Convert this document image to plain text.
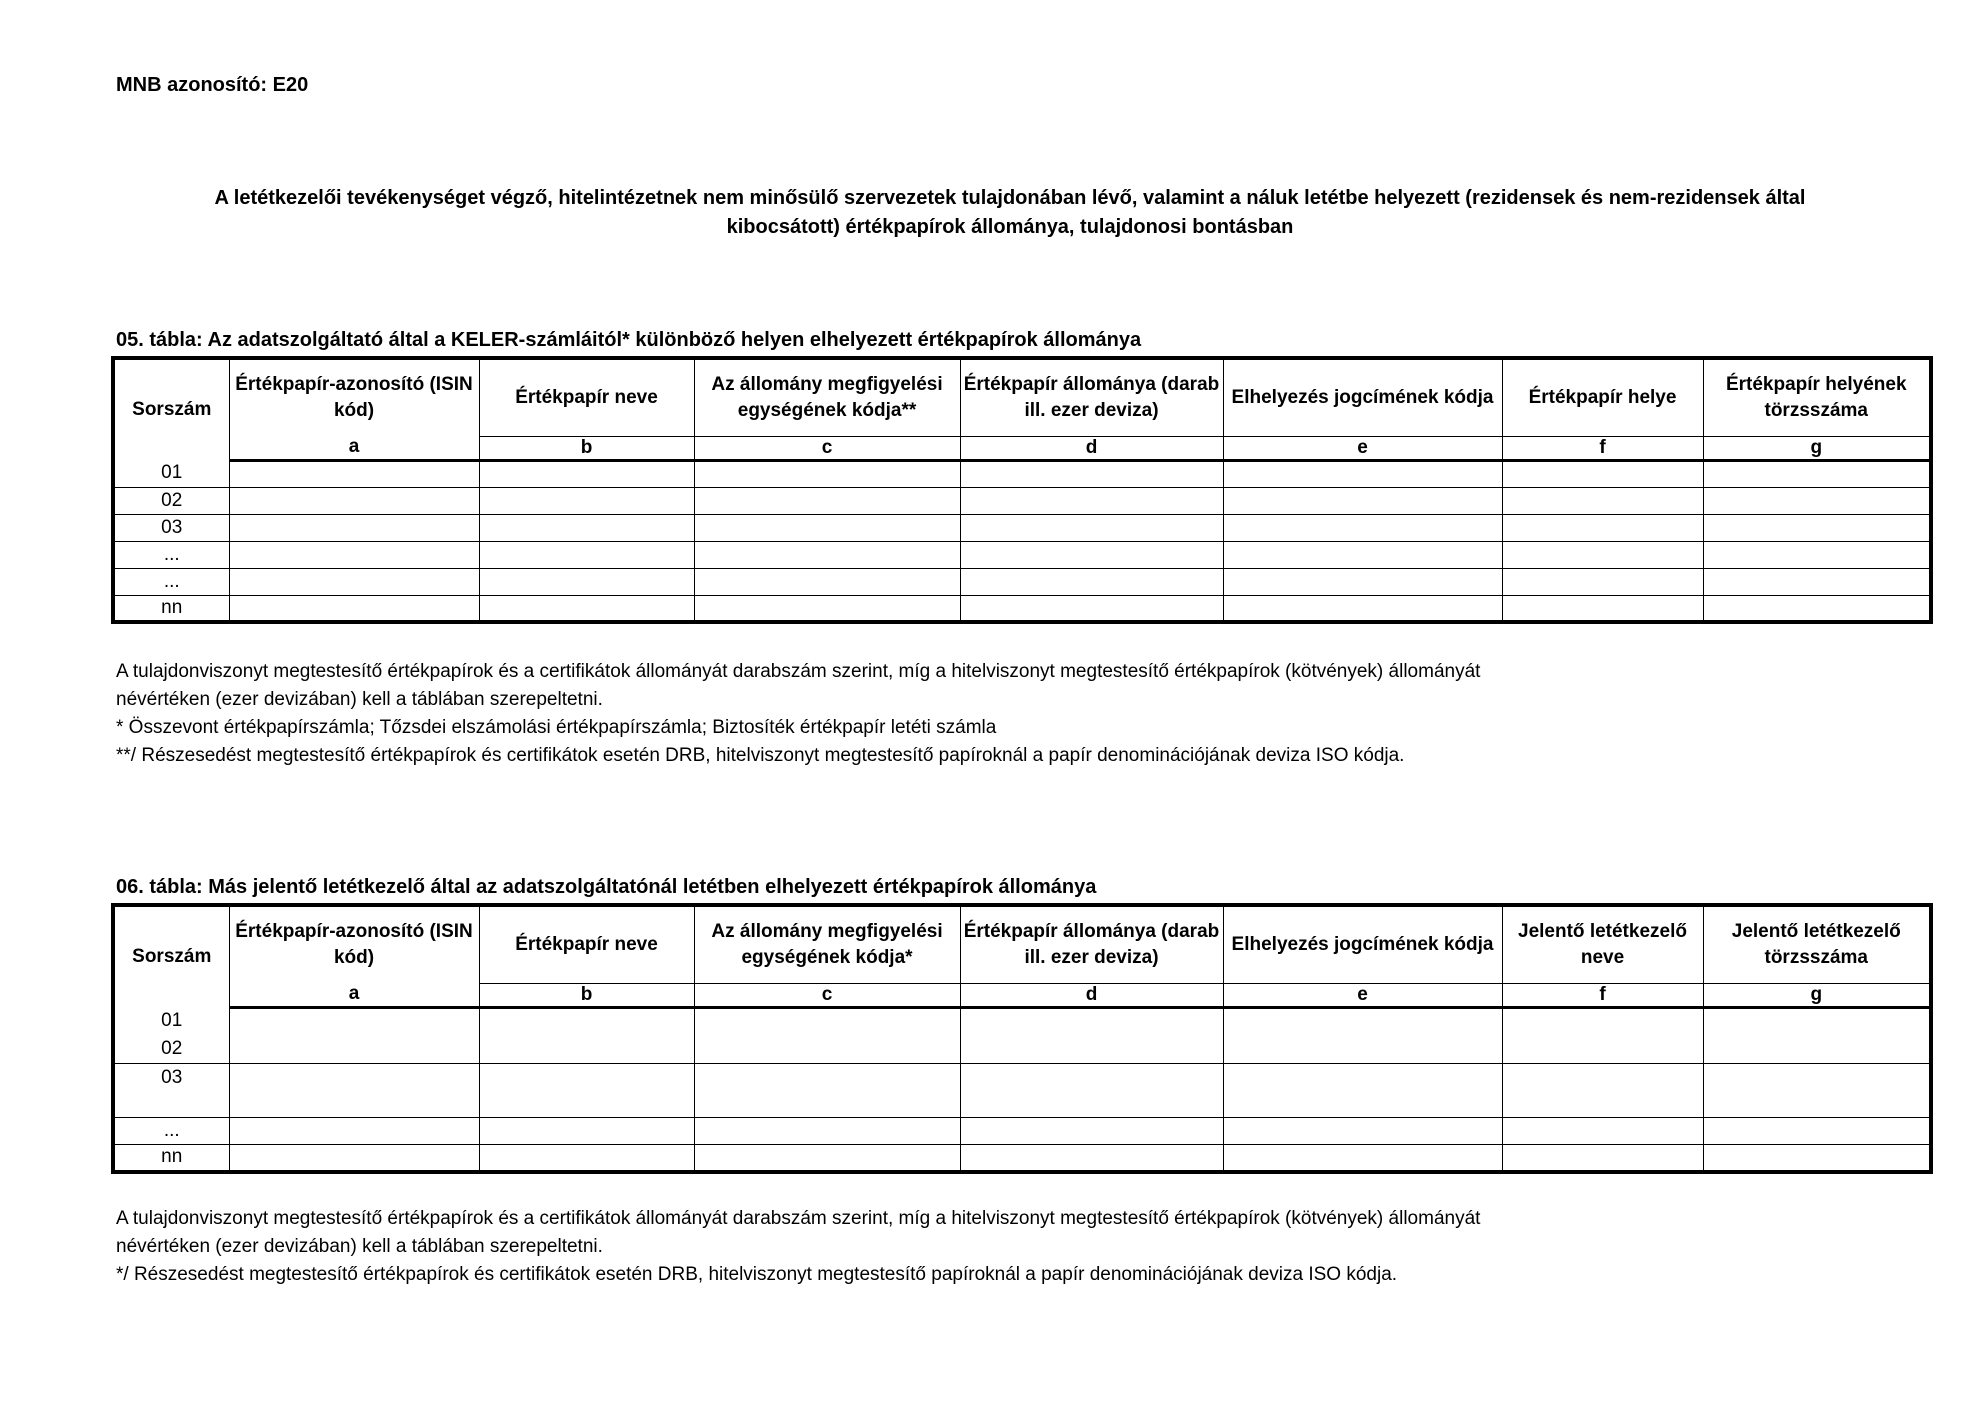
MNB azonosító: E20
A letétkezelői tevékenységet végző, hitelintézetnek nem minősülő szervezetek tulajdonában lévő, valamint a náluk letétbe helyezett (rezidensek és nem-rezidensek által
kibocsátott) értékpapírok állománya, tulajdonosi bontásban
05. tábla: Az adatszolgáltató által a KELER-számláitól* különböző helyen elhelyezett értékpapírok állománya
Sorszám	Értékpapír-azonosító (ISIN kód)	Értékpapír neve	Az állomány megfigyelési egységének kódja**	Értékpapír állománya (darab ill. ezer deviza)	Elhelyezés jogcímének kódja	Értékpapír helye	Értékpapír helyének törzsszáma
	a	b	c	d	e	f	g
01							
02							
03							
...							
...							
nn							
A tulajdonviszonyt megtestesítő értékpapírok és a certifikátok állományát darabszám szerint, míg a hitelviszonyt megtestesítő értékpapírok (kötvények) állományát
névértéken (ezer devizában) kell a táblában szerepeltetni.
* Összevont értékpapírszámla; Tőzsdei elszámolási értékpapírszámla; Biztosíték értékpapír letéti számla
**/ Részesedést megtestesítő értékpapírok és certifikátok esetén DRB, hitelviszonyt megtestesítő papíroknál a papír denominációjának deviza ISO kódja.
06. tábla: Más jelentő letétkezelő által az adatszolgáltatónál letétben elhelyezett értékpapírok állománya
Sorszám	Értékpapír-azonosító (ISIN kód)	Értékpapír neve	Az állomány megfigyelési egységének kódja*	Értékpapír állománya (darab ill. ezer deviza)	Elhelyezés jogcímének kódja	Jelentő letétkezelő neve	Jelentő letétkezelő törzsszáma
	a	b	c	d	e	f	g

01
02							

03							

...							
nn							
A tulajdonviszonyt megtestesítő értékpapírok és a certifikátok állományát darabszám szerint, míg a hitelviszonyt megtestesítő értékpapírok (kötvények) állományát
névértéken (ezer devizában) kell a táblában szerepeltetni.
*/ Részesedést megtestesítő értékpapírok és certifikátok esetén DRB, hitelviszonyt megtestesítő papíroknál a papír denominációjának deviza ISO kódja.
